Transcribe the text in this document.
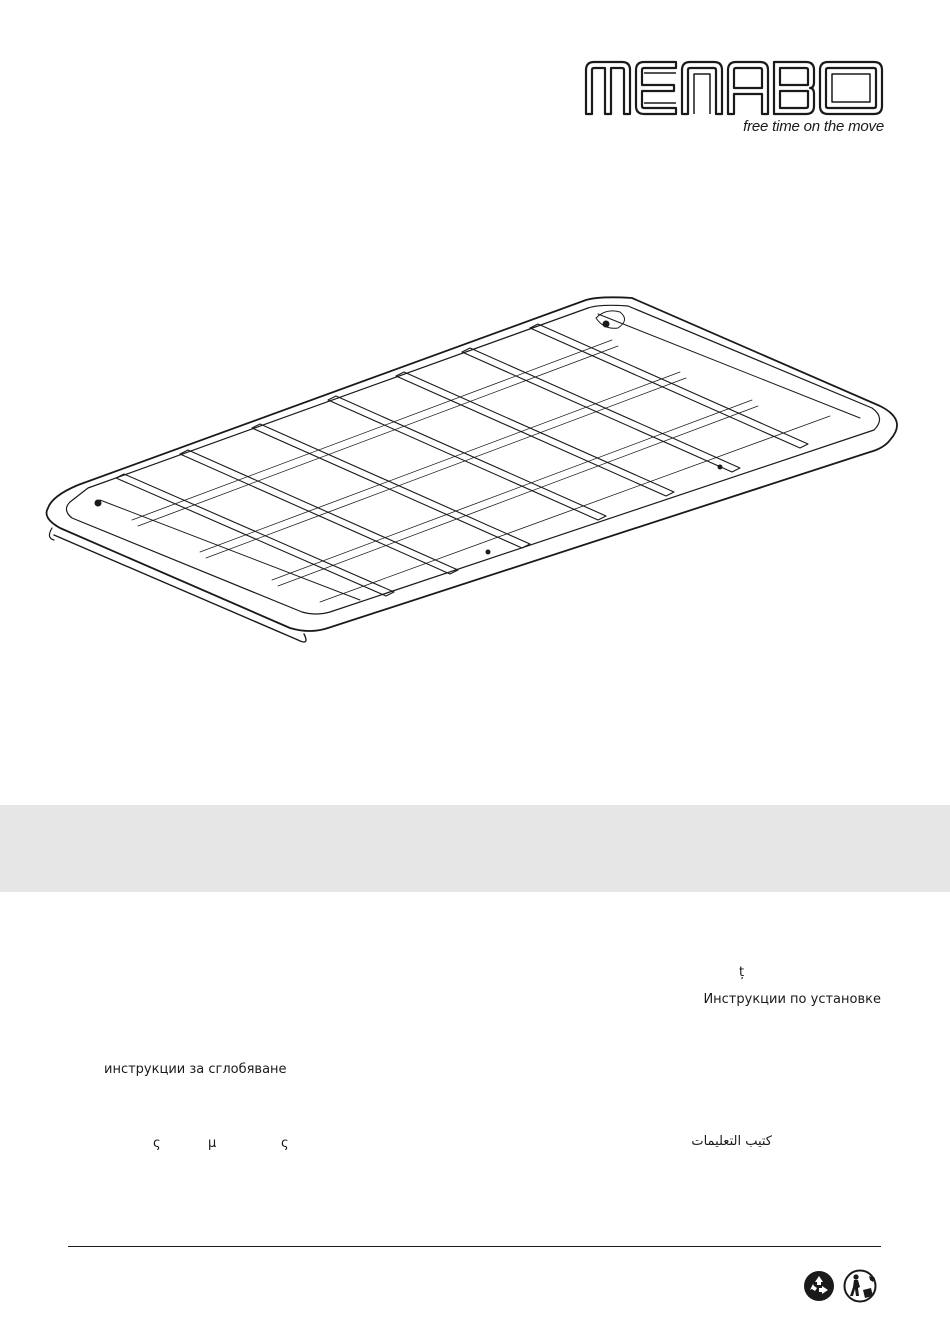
free time on the move
ț
Инструкции по установке
инструкции за сглобяване
ς	μ	ς	كتيب التعليمات
